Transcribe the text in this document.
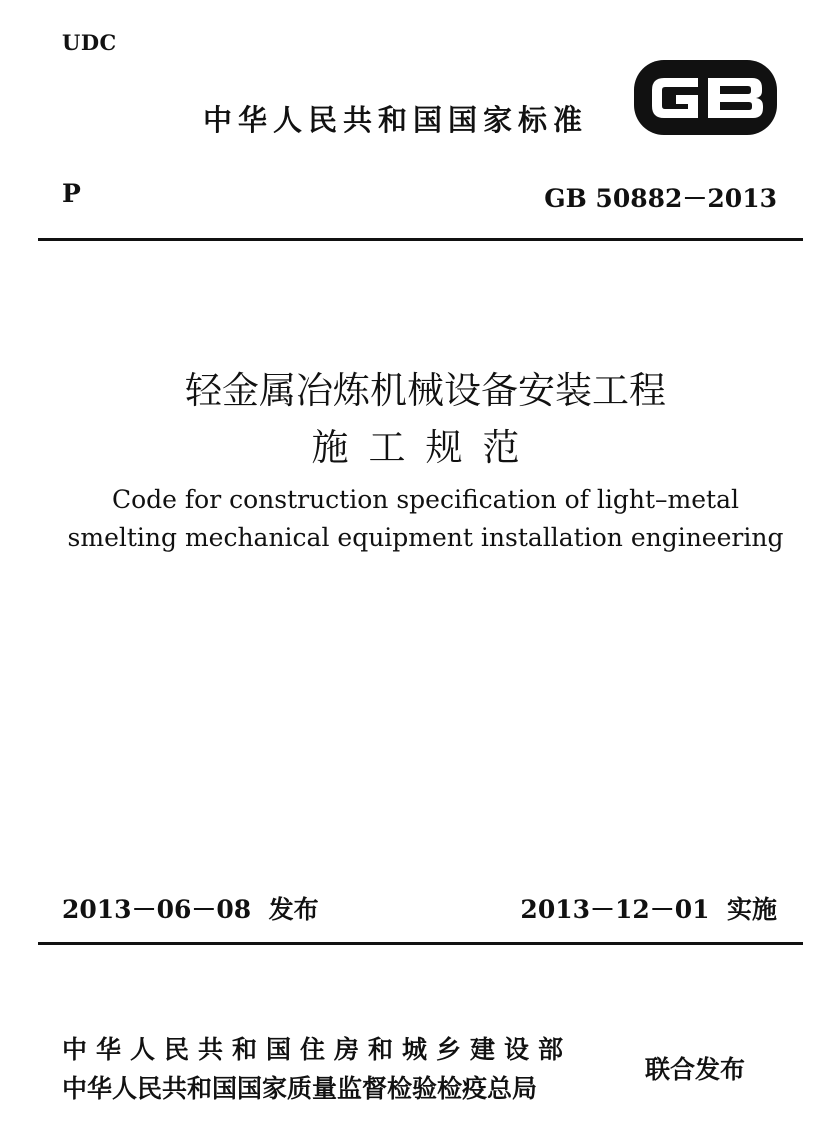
UDC
中华人民共和国国家标准
P	GB 50882－2013
轻金属冶炼机械设备安装工程
施工规范
Code for construction specification of light–metal
smelting mechanical equipment installation engineering
2013－06－08  发布	2013－12－01  实施
中华人民共和国住房和城乡建设部
中华人民共和国国家质量监督检验检疫总局
联合发布
